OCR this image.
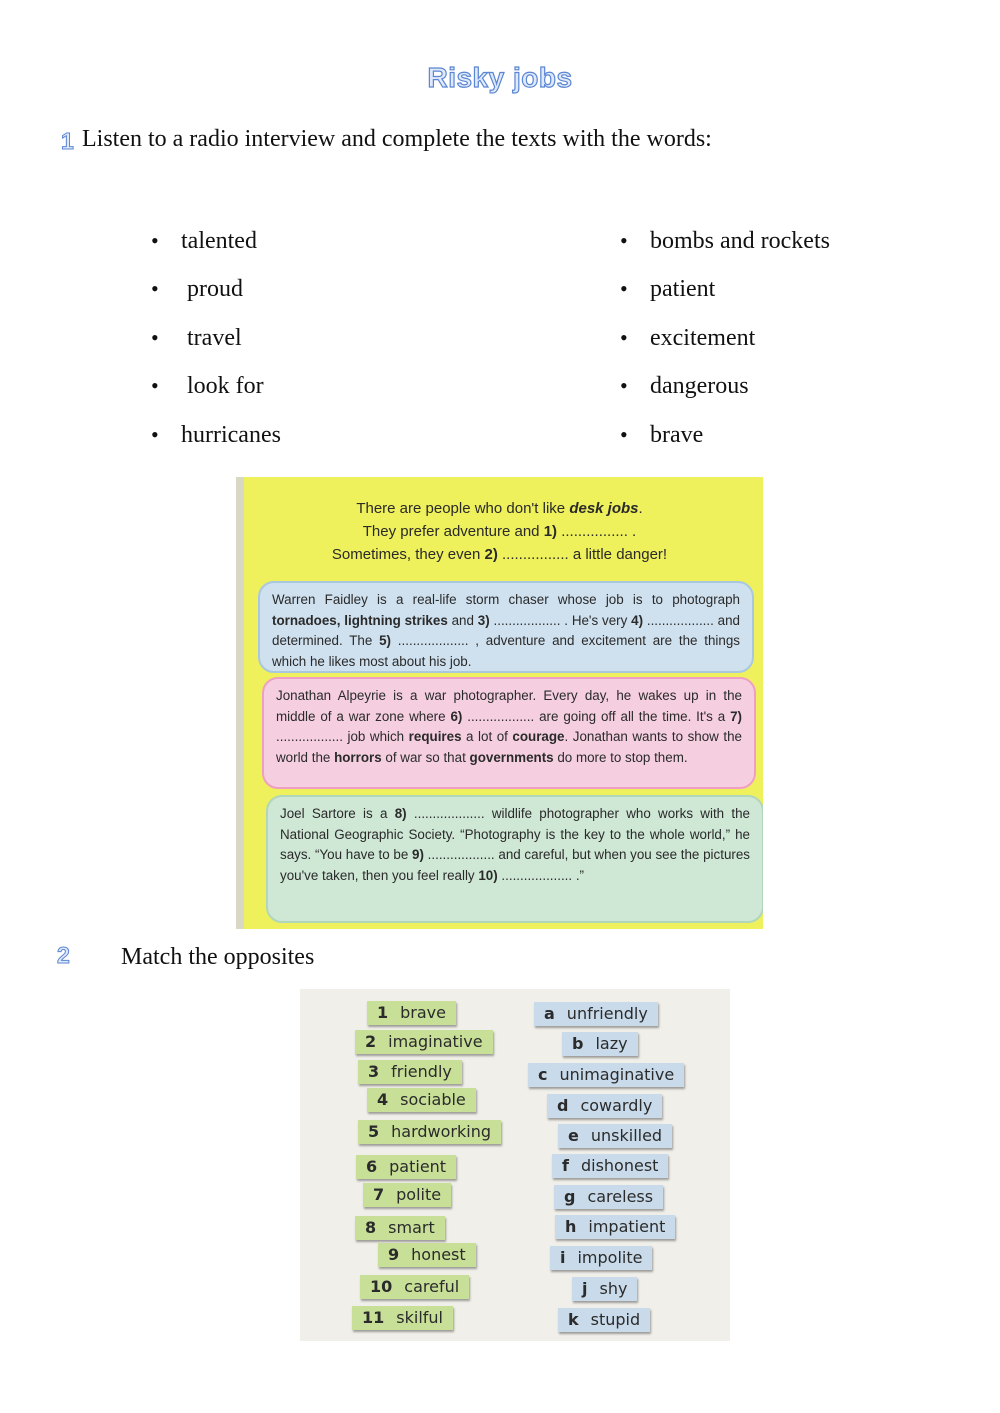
Risky jobs
1 Listen to a radio interview and complete the texts with the words:
• talented
• proud
• travel
• look for
• hurricanes
• bombs and rockets
• patient
• excitement
• dangerous
• brave
There are people who don't like desk jobs.
They prefer adventure and 1) ................ .
Sometimes, they even 2) ................ a little danger!
Warren Faidley is a real-life storm chaser whose job is to photograph tornadoes, lightning strikes and 3) .................. . He's very 4) .................. and determined. The 5) ................... , adventure and excitement are the things which he likes most about his job.
Jonathan Alpeyrie is a war photographer. Every day, he wakes up in the middle of a war zone where 6) .................. are going off all the time. It's a 7) .................. job which requires a lot of courage. Jonathan wants to show the world the horrors of war so that governments do more to stop them.
Joel Sartore is a 8) ................... wildlife photographer who works with the National Geographic Society. “Photography is the key to the whole world,” he says. “You have to be 9) .................. and careful, but when you see the pictures you've taken, then you feel really 10) ................... .”
2 Match the opposites
1 brave
2 imaginative
3 friendly
4 sociable
5 hardworking
6 patient
7 polite
8 smart
9 honest
10 careful
11 skilful
a unfriendly
b lazy
c unimaginative
d cowardly
e unskilled
f dishonest
g careless
h impatient
i impolite
j shy
k stupid
